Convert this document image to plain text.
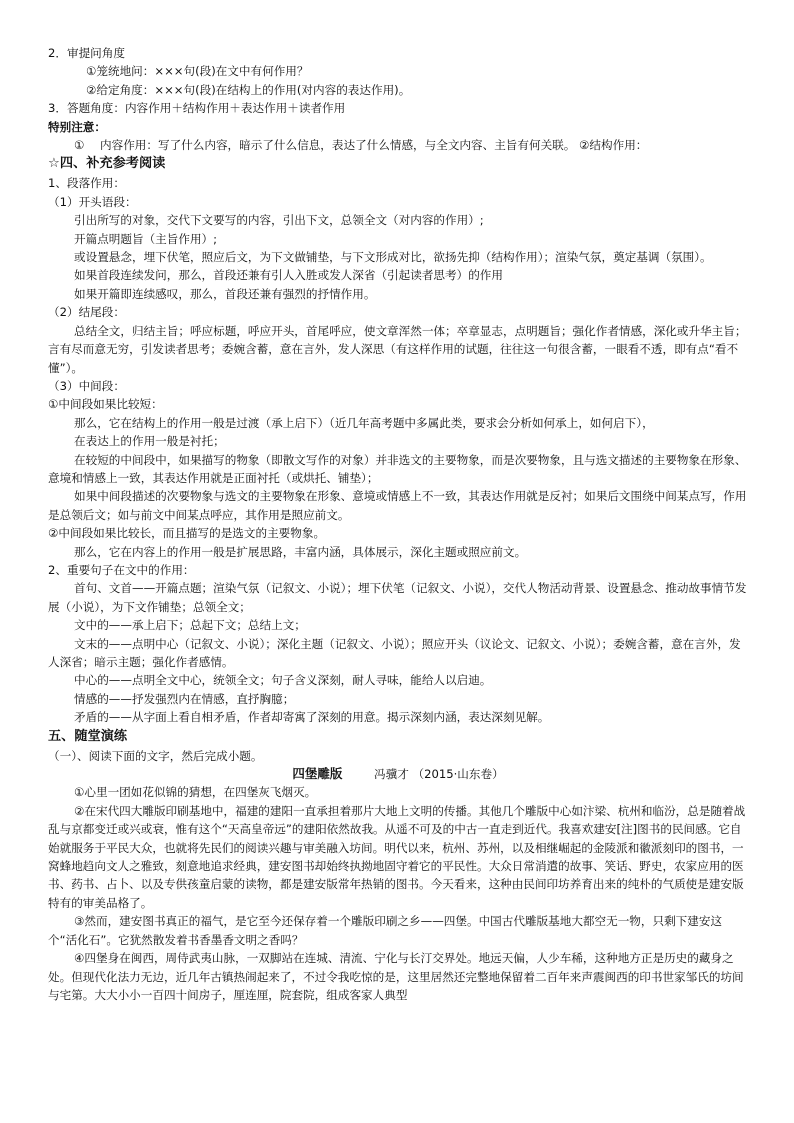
2．审提问角度
①笼统地问：×××句(段)在文中有何作用？
②给定角度：×××句(段)在结构上的作用(对内容的表达作用)。
3．答题角度：内容作用＋结构作用＋表达作用＋读者作用
特别注意：
①	内容作用：写了什么内容，暗示了什么信息，表达了什么情感，与全文内容、主旨有何关联。 ②结构作用：
☆四、补充参考阅读
1、段落作用：
（1）开头语段：
引出所写的对象，交代下文要写的内容，引出下文，总领全文（对内容的作用）;
开篇点明题旨（主旨作用）;
或设置悬念，埋下伏笔，照应后文，为下文做铺垫，与下文形成对比，欲扬先抑（结构作用）；渲染气氛，奠定基调（氛围）。
如果首段连续发问，那么，首段还兼有引人入胜或发人深省（引起读者思考）的作用
如果开篇即连续感叹，那么，首段还兼有强烈的抒情作用。
（2）结尾段：
总结全文，归结主旨；呼应标题，呼应开头，首尾呼应，使文章浑然一体；卒章显志，点明题旨；强化作者情感，深化或升华主旨；言有尽而意无穷，引发读者思考；委婉含蓄，意在言外，发人深思（有这样作用的试题，往往这一句很含蓄，一眼看不透，即有点“看不懂”）。
（3）中间段：
①中间段如果比较短：
那么，它在结构上的作用一般是过渡（承上启下）（近几年高考题中多属此类，要求会分析如何承上，如何启下），
在表达上的作用一般是衬托；
在较短的中间段中，如果描写的物象（即散文写作的对象）并非选文的主要物象，而是次要物象，且与选文描述的主要物象在形象、意境和情感上一致，其表达作用就是正面衬托（或烘托、铺垫）；
如果中间段描述的次要物象与选文的主要物象在形象、意境或情感上不一致，其表达作用就是反衬；如果后文围绕中间某点写，作用是总领后文；如与前文中间某点呼应，其作用是照应前文。
②中间段如果比较长，而且描写的是选文的主要物象。
那么，它在内容上的作用一般是扩展思路，丰富内涵，具体展示，深化主题或照应前文。
2、重要句子在文中的作用：
首句、文首——开篇点题；渲染气氛（记叙文、小说）；埋下伏笔（记叙文、小说），交代人物活动背景、设置悬念、推动故事情节发展（小说），为下文作铺垫；总领全文；
文中的——承上启下；总起下文；总结上文；
文末的——点明中心（记叙文、小说）；深化主题（记叙文、小说）；照应开头（议论文、记叙文、小说）；委婉含蓄，意在言外，发人深省；暗示主题；强化作者感情。
中心的——点明全文中心，统领全文；句子含义深刻，耐人寻味，能给人以启迪。
情感的——抒发强烈内在情感，直抒胸臆；
矛盾的——从字面上看自相矛盾，作者却寄寓了深刻的用意。揭示深刻内涵，表达深刻见解。
五、随堂演练
（一）、阅读下面的文字，然后完成小题。
四堡雕版	冯骥才 （2015·山东卷）
①心里一团如花似锦的猜想，在四堡灰飞烟灭。
②在宋代四大雕版印刷基地中，福建的建阳一直承担着那片大地上文明的传播。其他几个雕版中心如汴梁、杭州和临汾，总是随着战乱与京都变迁或兴或衰，惟有这个“天高皇帝远”的建阳依然故我。从遥不可及的中古一直走到近代。我喜欢建安[注]图书的民间感。它自始就服务于平民大众，也就将先民们的阅读兴趣与审美融入坊间。明代以来，杭州、苏州，以及相继崛起的金陵派和徽派刻印的图书，一窝蜂地趋向文人之雅致，刻意地追求经典，建安图书却始终执拗地固守着它的平民性。大众日常消遣的故事、笑话、野史，农家应用的医书、药书、占卜、以及专供孩童启蒙的读物，都是建安版常年热销的图书。今天看来，这种由民间印坊养育出来的纯朴的气质使是建安版特有的审美品格了。
③然而，建安图书真正的福气，是它至今还保存着一个雕版印刷之乡——四堡。中国古代雕版基地大都空无一物，只剩下建安这个“活化石”。它犹然散发着书香墨香文明之香吗？
④四堡身在闽西，周侍武夷山脉，一双脚站在连城、清流、宁化与长汀交界处。地远天偏，人少车稀，这种地方正是历史的藏身之处。但现代化法力无边，近几年古镇热闹起来了，不过令我吃惊的是，这里居然还完整地保留着二百年来声震闽西的印书世家邹氏的坊间与宅第。大大小小一百四十间房子，厘连厘，院套院，组成客家人典型
